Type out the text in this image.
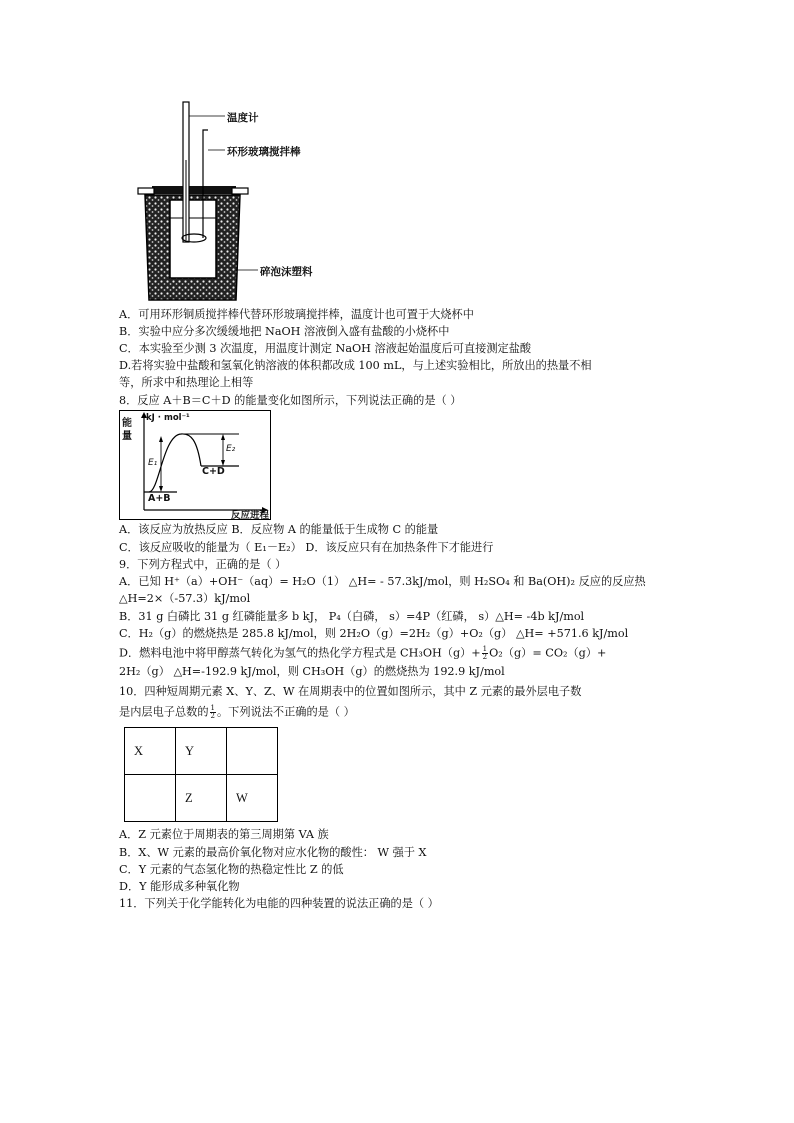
温度计
环形玻璃搅拌棒
碎泡沫塑料
A．可用环形铜质搅拌棒代替环形玻璃搅拌棒，温度计也可置于大烧杯中
B．实验中应分多次缓缓地把 NaOH 溶液倒入盛有盐酸的小烧杯中
C．本实验至少测 3 次温度，用温度计测定 NaOH 溶液起始温度后可直接测定盐酸
D.若将实验中盐酸和氢氧化钠溶液的体积都改成 100 mL，与上述实验相比，所放出的热量不相
等，所求中和热理论上相等
8．反应 A＋B＝C＋D 的能量变化如图所示，下列说法正确的是（ ）
能
量
kJ · mol⁻¹
E₁
E₂
C+D
A+B
反应进程
A．该反应为放热反应 B．反应物 A 的能量低于生成物 C 的能量
C．该反应吸收的能量为（ E₁－E₂） D．该反应只有在加热条件下才能进行
9．下列方程式中，正确的是（ ）
A．已知 H⁺（a）+OH⁻（aq）= H₂O（1） △H= - 57.3kJ/mol，则 H₂SO₄ 和 Ba(OH)₂ 反应的反应热
△H=2×（-57.3）kJ/mol
B．31 g 白磷比 31 g 红磷能量多 b kJ， P₄（白磷， s）=4P（红磷， s）△H= -4b kJ/mol
C．H₂（g）的燃烧热是 285.8 kJ/mol，则 2H₂O（g）=2H₂（g）+O₂（g） △H= +571.6 kJ/mol
D．燃料电池中将甲醇蒸气转化为氢气的热化学方程式是 $CH_3OH(g)+ \frac{1}{2} O_2(g)= CO_2(g)+$
2H₂（g） △H=-192.9 kJ/mol，则 CH₃OH（g）的燃烧热为 192.9 kJ/mol
10．四种短周期元素 X、Y、Z、W 在周期表中的位置如图所示，其中 Z 元素的最外层电子数
是内层电子总数的 $\frac{1}{2}$ 。下列说法不正确的是（ ）
X	Y	

	Z	W
A．Z 元素位于周期表的第三周期第 VA 族
B．X、W 元素的最高价氧化物对应水化物的酸性： W 强于 X
C．Y 元素的气态氢化物的热稳定性比 Z 的低
D．Y 能形成多种氧化物
11．下列关于化学能转化为电能的四种装置的说法正确的是（ ）
